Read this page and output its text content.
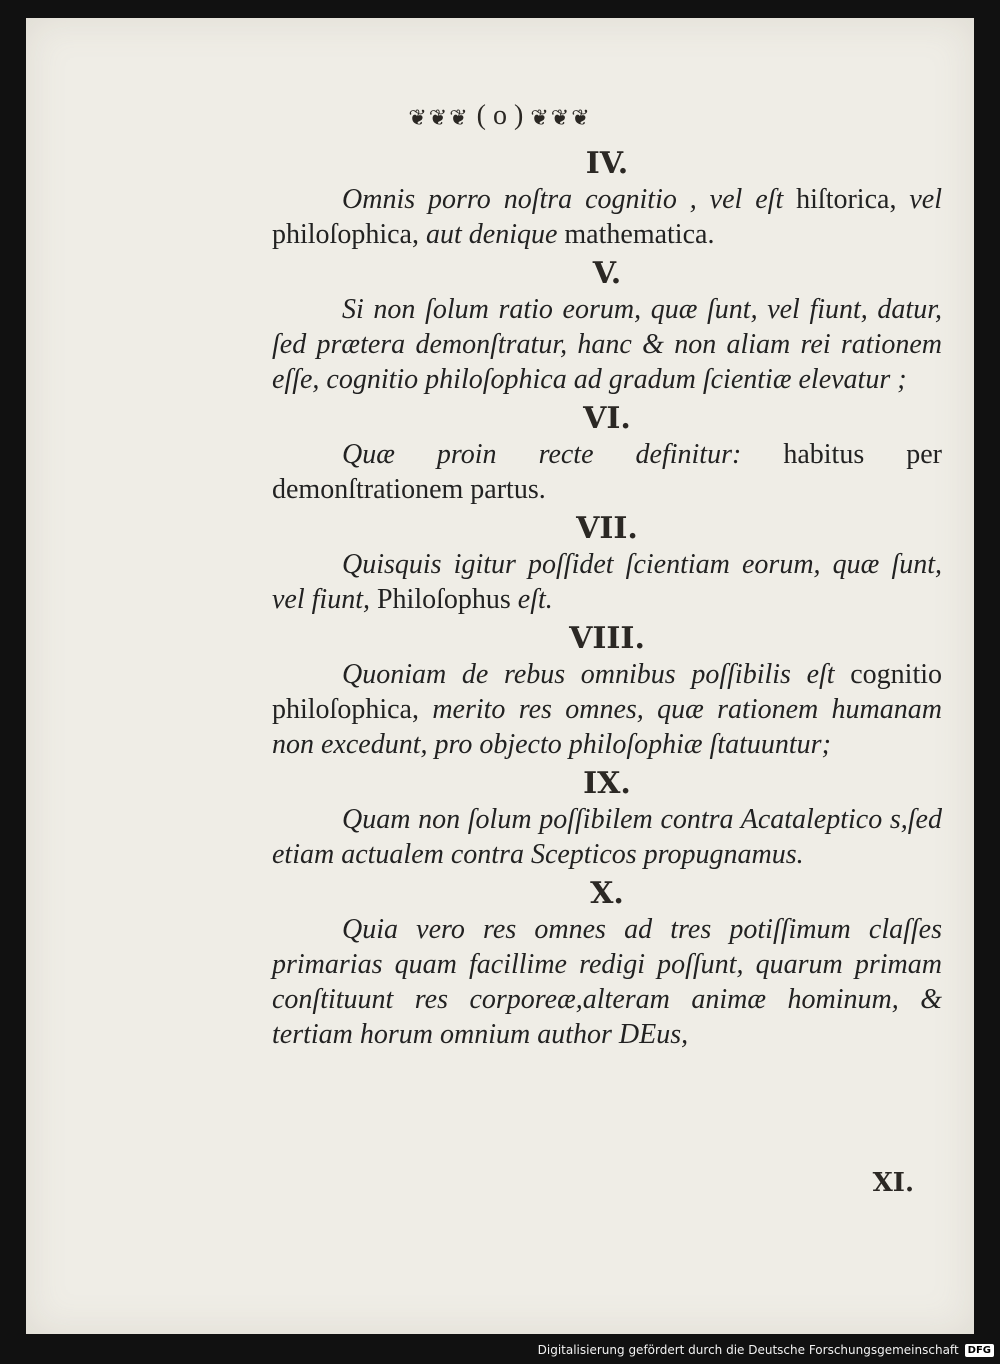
❦❦❦ ( o ) ❦❦❦
IV.

Omnis porro noſtra cognitio , vel eſt hiſtorica, vel philoſophica, aut denique mathematica.

V.

Si non ſolum ratio eorum, quæ ſunt, vel fiunt, datur, ſed prætera demonſtratur, hanc & non aliam rei rationem eſſe, cognitio philoſophica ad gradum ſcientiæ elevatur ;

VI.

Quæ proin recte definitur: habitus per demonſtrationem partus.

VII.

Quisquis igitur poſſidet ſcientiam eorum, quæ ſunt, vel fiunt, Philoſophus eſt.

VIII.

Quoniam de rebus omnibus poſſibilis eſt cognitio philoſophica, merito res omnes, quæ rationem humanam non excedunt, pro objecto philoſophiæ ſtatuuntur;

IX.

Quam non ſolum poſſibilem contra Acataleptico s,ſed etiam actualem contra Scepticos propugnamus.

X.

Quia vero res omnes ad tres potiſſimum claſſes primarias quam facillime redigi poſſunt, quarum primam conſtituunt res corporeæ,alteram animæ hominum, & tertiam horum omnium author DEus,

XI.
Digitalisierung gefördert durch die Deutsche Forschungsgemeinschaft DFG
